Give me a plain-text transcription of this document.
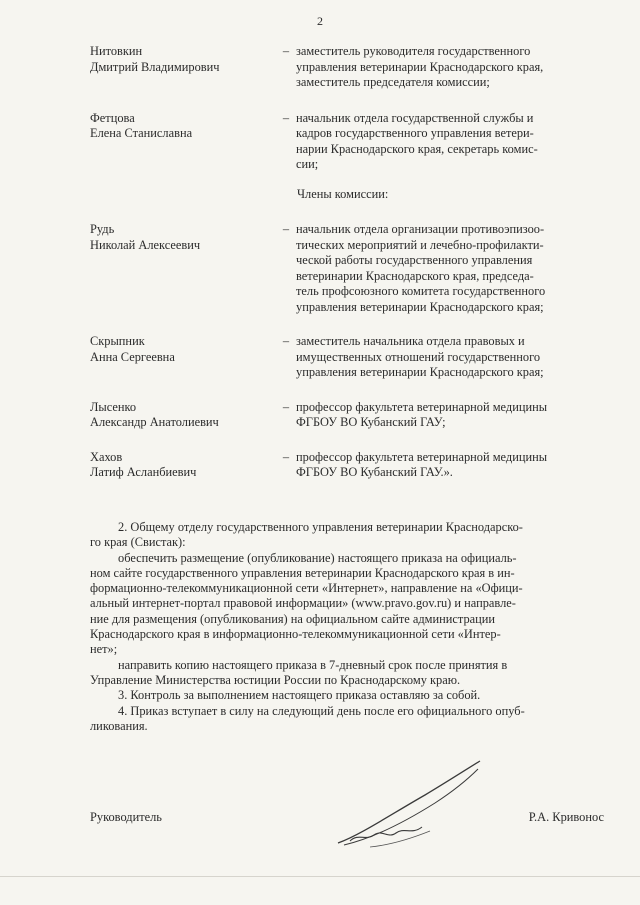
2
Нитовкин
Дмитрий Владимирович
– заместитель руководителя государственного
управления ветеринарии Краснодарского края,
заместитель председателя комиссии;
Фетцова
Елена Станиславна
– начальник отдела государственной службы и
кадров государственного управления ветери-
нарии Краснодарского края, секретарь комис-
сии;
Члены комиссии:
Рудь
Николай Алексеевич
– начальник отдела организации противоэпизоо-
тических мероприятий и лечебно-профилакти-
ческой работы государственного управления
ветеринарии Краснодарского края, председа-
тель профсоюзного комитета государственного
управления ветеринарии Краснодарского края;
Скрыпник
Анна Сергеевна
– заместитель начальника отдела правовых и
имущественных отношений государственного
управления ветеринарии Краснодарского края;
Лысенко
Александр Анатолиевич
– профессор факультета ветеринарной медицины
ФГБОУ ВО Кубанский ГАУ;
Хахов
Латиф Асланбиевич
– профессор факультета ветеринарной медицины
ФГБОУ ВО Кубанский ГАУ.».
2. Общему отделу государственного управления ветеринарии Краснодарско-
го края (Свистак):
обеспечить размещение (опубликование) настоящего приказа на официаль-
ном сайте государственного управления ветеринарии Краснодарского края в ин-
формационно-телекоммуникационной сети «Интернет», направление на «Офици-
альный интернет-портал правовой информации» (www.pravo.gov.ru) и направле-
ние для размещения (опубликования) на официальном сайте администрации
Краснодарского края в информационно-телекоммуникационной сети «Интер-
нет»;
направить копию настоящего приказа в 7-дневный срок после принятия в
Управление Министерства юстиции России по Краснодарскому краю.
3. Контроль за выполнением настоящего приказа оставляю за собой.
4. Приказ вступает в силу на следующий день после его официального опуб-
ликования.
Руководитель	Р.А. Кривонос
